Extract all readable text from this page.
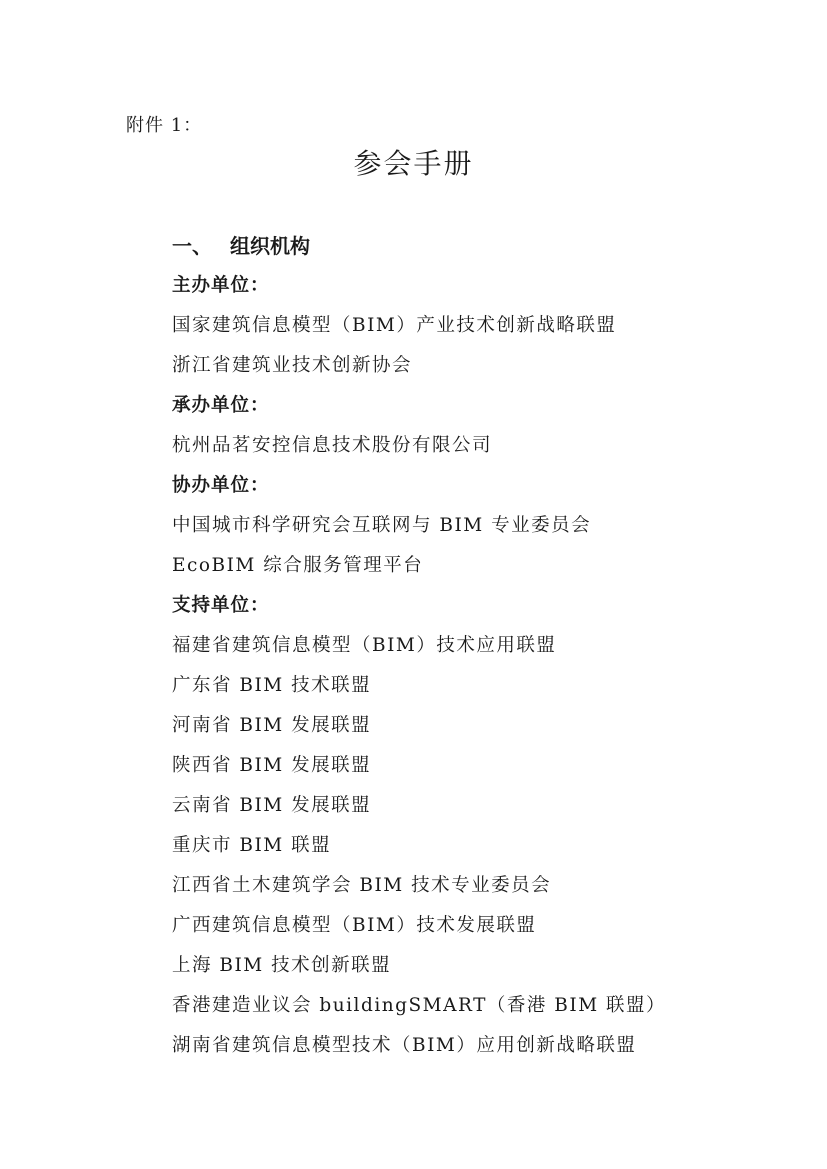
附件 1：
参会手册
一、 组织机构
主办单位：
国家建筑信息模型（BIM）产业技术创新战略联盟
浙江省建筑业技术创新协会
承办单位：
杭州品茗安控信息技术股份有限公司
协办单位：
中国城市科学研究会互联网与 BIM 专业委员会
EcoBIM 综合服务管理平台
支持单位：
福建省建筑信息模型（BIM）技术应用联盟
广东省 BIM 技术联盟
河南省 BIM 发展联盟
陕西省 BIM 发展联盟
云南省 BIM 发展联盟
重庆市 BIM 联盟
江西省土木建筑学会 BIM 技术专业委员会
广西建筑信息模型（BIM）技术发展联盟
上海 BIM 技术创新联盟
香港建造业议会 buildingSMART（香港 BIM 联盟）
湖南省建筑信息模型技术（BIM）应用创新战略联盟
